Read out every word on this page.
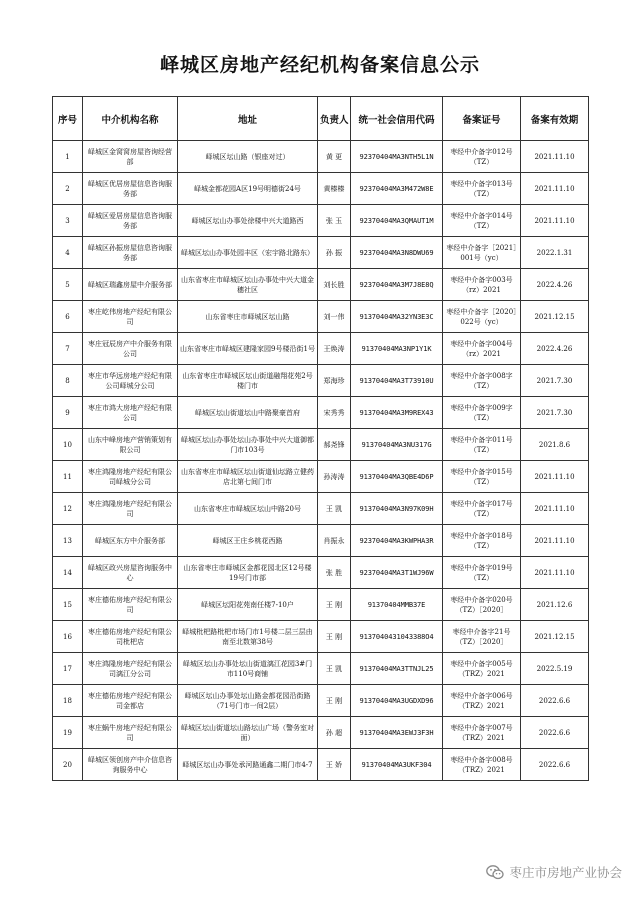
峄城区房地产经纪机构备案信息公示
序号	中介机构名称	地址	负责人	统一社会信用代码	备案证号	备案有效期
1	峄城区金窝窝房屋咨询经营部	峄城区坛山路（银座对过）	黄 更	92370404MA3NTH5L1N	枣经中介备字012号（TZ）	2021.11.10
2	峄城区优居房屋信息咨询服务部	峄城金都花园A区19号明德街24号	黄榛榛	92370404MA3M472W8E	枣经中介备字013号（TZ）	2021.11.10
3	峄城区爱居房屋信息咨询服务部	峄城区坛山办事处徐楼中兴大道路西	张 玉	92370404MA3QMAUT1M	枣经中介备字014号（TZ）	2021.11.10
4	峄城区孙振房屋信息咨询服务部	峄城区坛山办事处园丰区（宏宇路北路东）	孙 振	92370404MA3N8DWU69	枣经中介备字［2021］001号（yc）	2022.1.31
5	峄城区瑞鑫房屋中介服务部	山东省枣庄市峄城区坛山办事处中兴大道金穗社区	刘长胜	92370404MA3M7J8E8Q	枣经中介备字003号（rz）2021	2022.4.26
6	枣庄屹伟房地产经纪有限公司	山东省枣庄市峄城区坛山路	刘一伟	91370404MA32YN3E3C	枣经中介备字［2020］022号（yc）	2021.12.15
7	枣庄冠辰房产中介服务有限公司	山东省枣庄市峄城区建隆家园9号楼沿街1号	王焕涛	91370404MA3NP1Y1K	枣经中介备字004号（rz）2021	2022.4.26
8	枣庄市华远房地产经纪有限公司峄城分公司	山东省枣庄市峄城区坛山街道融翔花苑2号楼门市	郑海珍	91370404MA3T73910U	枣经中介备字008字（TZ）	2021.7.30
9	枣庄市鸿大房地产经纪有限公司	峄城区坛山街道坛山中路聚豪首府	宋秀秀	91370404MA3M9REX43	枣经中介备字009字（TZ）	2021.7.30
10	山东中峰房地产营销策划有限公司	峄城区坛山办事处坛山办事处中兴大道御都门市103号	郝尧锋	91370404MA3NU317G	枣经中介备字011号（TZ）	2021.8.6
11	枣庄鸿隆房地产经纪有限公司峄城分公司	山东省枣庄市峄城区坛山街道仙坛路立健药店北第七间门市	孙涛涛	91370404MA3QBE4D6P	枣经中介备字015号（TZ）	2021.11.10
12	枣庄鸿隆房地产经纪有限公司	山东省枣庄市峄城区坛山中路20号	王 凯	91370404MA3N97K09H	枣经中介备字017号（TZ）	2021.11.10
13	峄城区东方中介服务部	峄城区王庄乡桃花西路	肖振永	92370404MA3KWPHA3R	枣经中介备字018号（TZ）	2021.11.10
14	峄城区政兴房屋咨询服务中心	山东省枣庄市峄城区金都花园北区12号楼19号门市部	张 胜	92370404MA3T1WJ96W	枣经中介备字019号（TZ）	2021.11.10
15	枣庄德佑房地产经纪有限公司	峄城区坛阳花苑南任楼7-10户	王 刚	91370404MMB37E	枣经中介备字020号（TZ）［2020］	2021.12.6
16	枣庄德佑房地产经纪有限公司枇杷店	峄城枇杷路枇杷市场门市1号楼二层三层由南至北数第38号	王 刚	9137040431043388O4	枣经中介备字21号（TZ）［2020］	2021.12.15
17	枣庄鸿隆房地产经纪有限公司漓江分公司	峄城区坛山办事处坛山街道漓江花园3#门市110号商铺	王 凯	91370404MA3TTNJL25	枣经中介备字005号（TRZ）2021	2022.5.19
18	枣庄德佑房地产经纪有限公司金都店	峄城区坛山办事处坛山路金都花园沿街路（71号门市一间2层）	王 刚	91370404MA3UGDXD96	枣经中介备字006号（TRZ）2021	2022.6.6
19	枣庄蜗牛房地产经纪有限公司	峄城区坛山街道坛山路坛山广场（警务室对面）	孙 超	91370404MA3EWJ3F3H	枣经中介备字007号（TRZ）2021	2022.6.6
20	峄城区领创房产中介信息咨询服务中心	峄城区坛山办事处承河路通鑫二期门市4-7	王 娇	91370404MA3UKF304	枣经中介备字008号（TRZ）2021	2022.6.6
枣庄市房地产业协会
